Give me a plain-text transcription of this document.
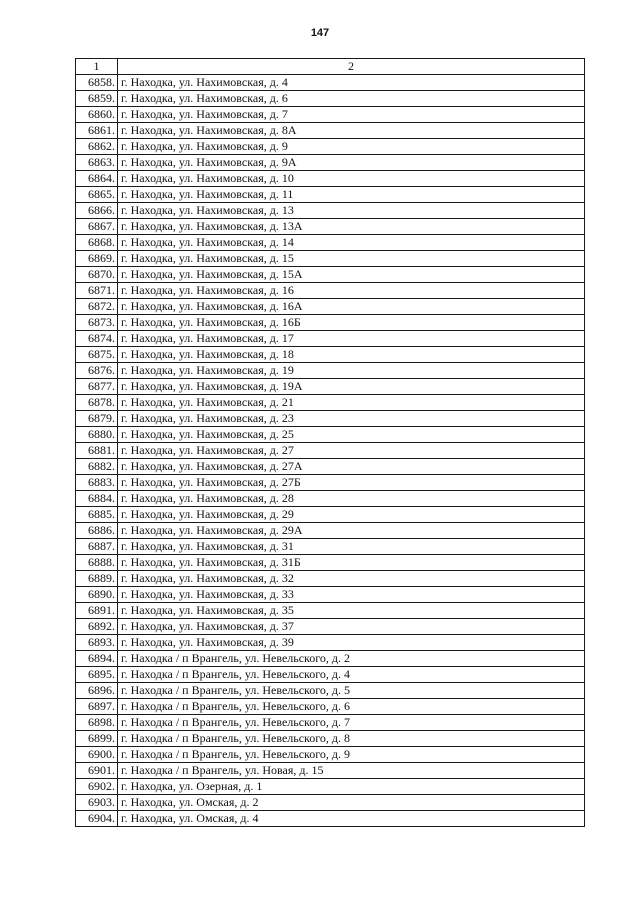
147
1	2
6858.	г. Находка, ул. Нахимовская, д. 4
6859.	г. Находка, ул. Нахимовская, д. 6
6860.	г. Находка, ул. Нахимовская, д. 7
6861.	г. Находка, ул. Нахимовская, д. 8А
6862.	г. Находка, ул. Нахимовская, д. 9
6863.	г. Находка, ул. Нахимовская, д. 9А
6864.	г. Находка, ул. Нахимовская, д. 10
6865.	г. Находка, ул. Нахимовская, д. 11
6866.	г. Находка, ул. Нахимовская, д. 13
6867.	г. Находка, ул. Нахимовская, д. 13А
6868.	г. Находка, ул. Нахимовская, д. 14
6869.	г. Находка, ул. Нахимовская, д. 15
6870.	г. Находка, ул. Нахимовская, д. 15А
6871.	г. Находка, ул. Нахимовская, д. 16
6872.	г. Находка, ул. Нахимовская, д. 16А
6873.	г. Находка, ул. Нахимовская, д. 16Б
6874.	г. Находка, ул. Нахимовская, д. 17
6875.	г. Находка, ул. Нахимовская, д. 18
6876.	г. Находка, ул. Нахимовская, д. 19
6877.	г. Находка, ул. Нахимовская, д. 19А
6878.	г. Находка, ул. Нахимовская, д. 21
6879.	г. Находка, ул. Нахимовская, д. 23
6880.	г. Находка, ул. Нахимовская, д. 25
6881.	г. Находка, ул. Нахимовская, д. 27
6882.	г. Находка, ул. Нахимовская, д. 27А
6883.	г. Находка, ул. Нахимовская, д. 27Б
6884.	г. Находка, ул. Нахимовская, д. 28
6885.	г. Находка, ул. Нахимовская, д. 29
6886.	г. Находка, ул. Нахимовская, д. 29А
6887.	г. Находка, ул. Нахимовская, д. 31
6888.	г. Находка, ул. Нахимовская, д. 31Б
6889.	г. Находка, ул. Нахимовская, д. 32
6890.	г. Находка, ул. Нахимовская, д. 33
6891.	г. Находка, ул. Нахимовская, д. 35
6892.	г. Находка, ул. Нахимовская, д. 37
6893.	г. Находка, ул. Нахимовская, д. 39
6894.	г. Находка / п Врангель, ул. Невельского, д. 2
6895.	г. Находка / п Врангель, ул. Невельского, д. 4
6896.	г. Находка / п Врангель, ул. Невельского, д. 5
6897.	г. Находка / п Врангель, ул. Невельского, д. 6
6898.	г. Находка / п Врангель, ул. Невельского, д. 7
6899.	г. Находка / п Врангель, ул. Невельского, д. 8
6900.	г. Находка / п Врангель, ул. Невельского, д. 9
6901.	г. Находка / п Врангель, ул. Новая, д. 15
6902.	г. Находка, ул. Озерная, д. 1
6903.	г. Находка, ул. Омская, д. 2
6904.	г. Находка, ул. Омская, д. 4
